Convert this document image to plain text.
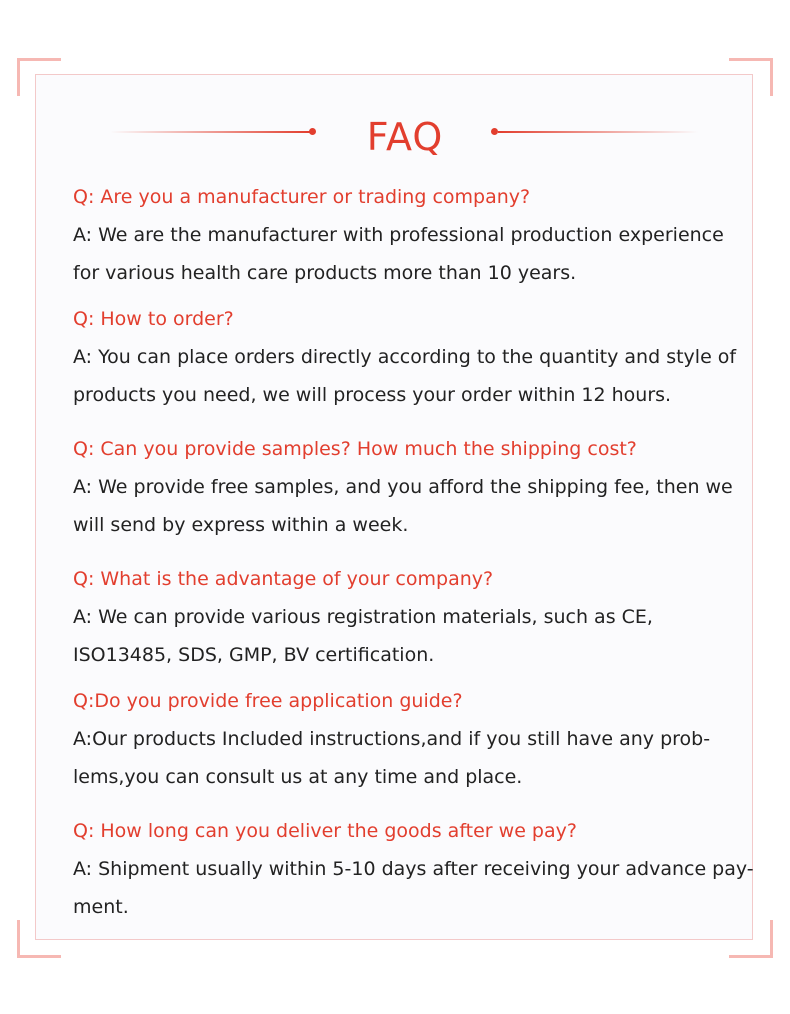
FAQ
Q: Are you a manufacturer or trading company?

A: We are the manufacturer with professional production experience
for various health care products more than 10 years.

Q: How to order?

A: You can place orders directly according to the quantity and style of
products you need, we will process your order within 12 hours.

Q: Can you provide samples? How much the shipping cost?

A: We provide free samples, and you afford the shipping fee, then we
will send by express within a week.

Q: What is the advantage of your company?

A: We can provide various registration materials, such as CE,
ISO13485, SDS, GMP, BV certification.

Q:Do you provide free application guide?

A:Our products Included instructions,and if you still have any prob-
lems,you can consult us at any time and place.

Q: How long can you deliver the goods after we pay?

A: Shipment usually within 5-10 days after receiving your advance pay-
ment.
